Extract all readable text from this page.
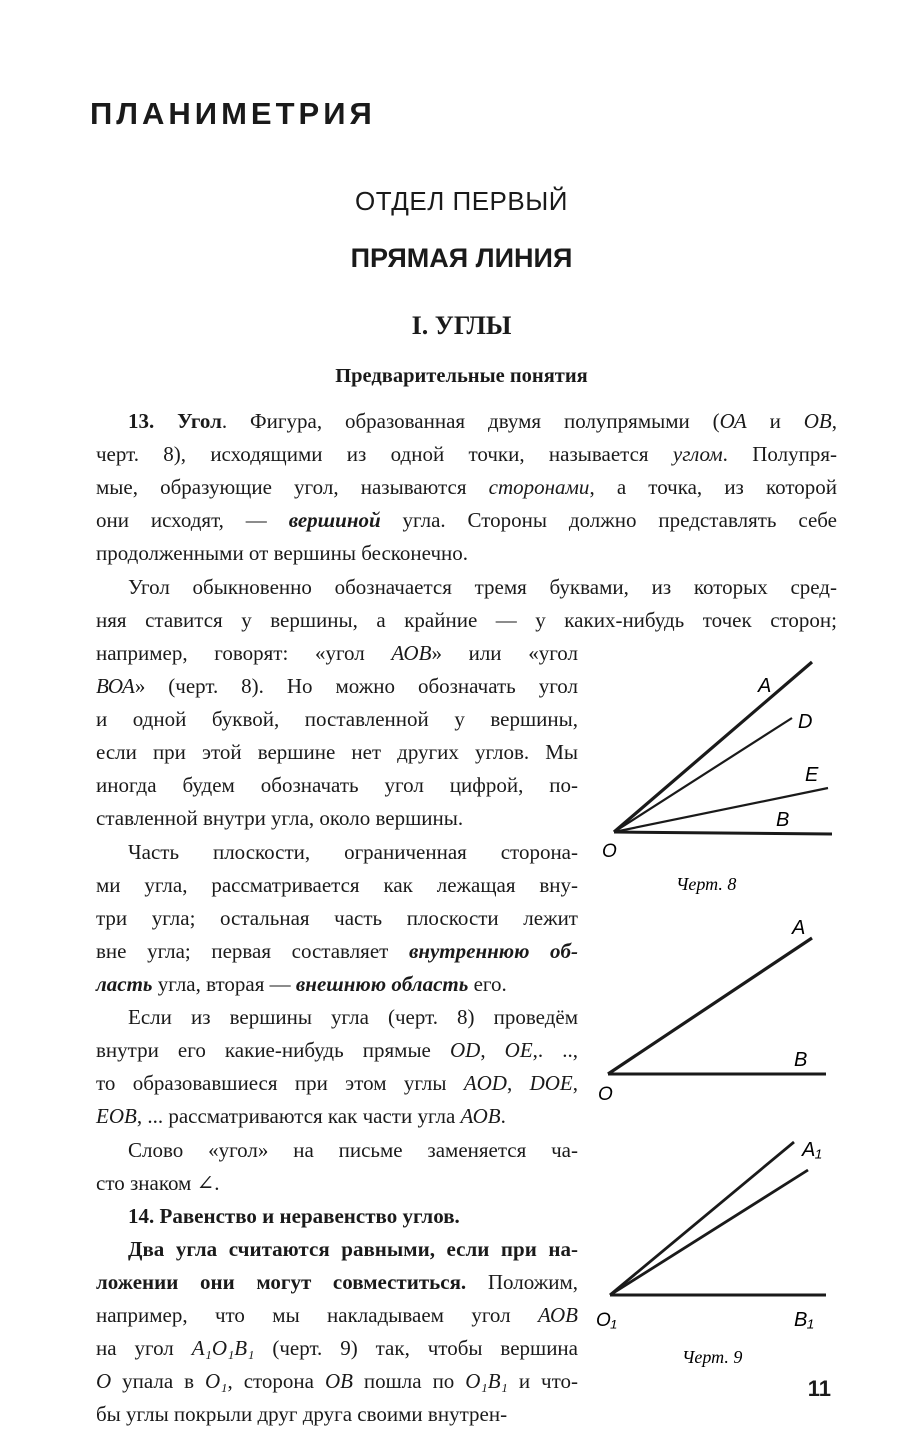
ПЛАНИМЕТРИЯ
ОТДЕЛ ПЕРВЫЙ
ПРЯМАЯ ЛИНИЯ
I. УГЛЫ
Предварительные понятия
13. Угол. Фигура, образованная двумя полупрямыми (ОА и ОВ,
черт. 8), исходящими из одной точки, называется углом. Полупря-
мые, образующие угол, называются сторонами, а точка, из которой
они исходят, — вершиной угла. Стороны должно представлять себе
продолженными от вершины бесконечно.
Угол обыкновенно обозначается тремя буквами, из которых сред-
няя ставится у вершины, а крайние — у каких-нибудь точек сторон;
например, говорят: «угол АОВ» или «угол
ВОА» (черт. 8). Но можно обозначать угол
и одной буквой, поставленной у вершины,
если при этой вершине нет других углов. Мы
иногда будем обозначать угол цифрой, по-
ставленной внутри угла, около вершины.
Часть плоскости, ограниченная сторона-
ми угла, рассматривается как лежащая вну-
три угла; остальная часть плоскости лежит
вне угла; первая составляет внутреннюю об-
ласть угла, вторая — внешнюю область его.
Если из вершины угла (черт. 8) проведём
внутри его какие-нибудь прямые OD, OE,. ..,
то образовавшиеся при этом углы AOD, DOE,
EOB, ... рассматриваются как части угла АОВ.
Слово «угол» на письме заменяется ча-
сто знаком ∠.
14. Равенство и неравенство углов.
Два угла считаются равными, если при на-
ложении они могут совместиться. Положим,
например, что мы накладываем угол АОВ
на угол A₁O₁B₁ (черт. 9) так, чтобы вершина
O упала в O₁, сторона OB пошла по O₁B₁ и что-
бы углы покрыли друг друга своими внутрен-
A
D
E
B
O
Черт. 8
A
B
O
A₁
B₁
O₁
Черт. 9
11
